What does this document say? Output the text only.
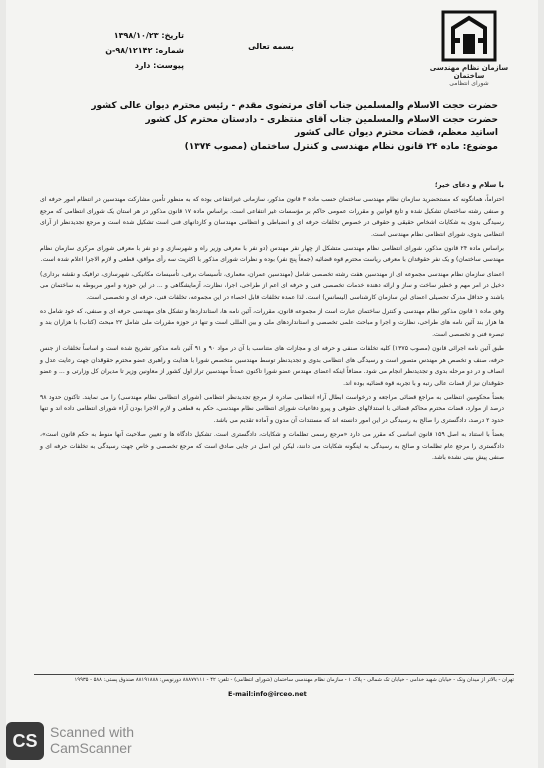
سازمان نظام مهندسی ساختمان
شورای انتظامی
بسمه تعالی
تاریخ: ۱۳۹۸/۱۰/۲۳
شماره: ۹۸/۱۲۱۴۲-ن
پیوست: دارد
حضرت حجت الاسلام والمسلمین جناب آقای مرتضوی مقدم - رئیس محترم دیوان عالی کشور
حضرت حجت الاسلام والمسلمین جناب آقای منتظری - دادستان محترم کل کشور
اساتید معظم، قضات محترم دیوان عالی کشور
موضوع: ماده ۲۴ قانون نظام مهندسی و کنترل ساختمان (مصوب ۱۳۷۴)

با سلام و دعای خیر؛

احتراماً، همانگونه که مستحضرید سازمان نظام مهندسی ساختمان حسب ماده ۳ قانون مذکور، سازمانی غیرانتفاعی بوده که به منظور تأمین مشارکت مهندسین در انتظام امور حرفه ای و صنفی رشته ساختمان تشکیل شده و تابع قوانین و مقررات عمومی حاکم بر مؤسسات غیر انتفاعی است. براساس ماده ۱۷ قانون مذکور در هر استان یک شورای انتظامی که مرجع رسیدگی بدوی به شکایات اشخاص حقیقی و حقوقی در خصوص تخلفات حرفه ای و انضباطی و انتظامی مهندسان و کاردانهای فنی است تشکیل شده است و مرجع تجدیدنظر از آرای انتظامی بدوی، شورای انتظامی نظام مهندسی است.

براساس ماده ۲۴ قانون مذکور، شورای انتظامی نظام مهندسی متشکل از چهار نفر مهندس (دو نفر با معرفی وزیر راه و شهرسازی و دو نفر با معرفی شورای مرکزی سازمان نظام مهندسی ساختمان) و یک نفر حقوقدان با معرفی ریاست محترم قوه قضائیه (جمعاً پنج نفر) بوده و نظرات شورای مذکور با اکثریت سه رأی موافق، قطعی و لازم الاجرا اعلام شده است.

اعضای سازمان نظام مهندسی مجموعه ای از مهندسین هفت رشته تخصصی شامل (مهندسین عمران، معماری، تأسیسات برقی، تأسیسات مکانیکی، شهرسازی، ترافیک و نقشه برداری) دخیل در امر مهم و خطیر ساخت و ساز و ارائه دهنده خدمات تخصصی فنی و حرفه ای اعم از طراحی، اجرا، نظارت، آزمایشگاهی و ... در این حوزه و امور مربوطه به ساختمان می باشند و حداقل مدرک تحصیلی اعضای این سازمان کارشناسی (لیسانس) است. لذا عمده تخلفات قابل احصاء در این مجموعه، تخلفات فنی، حرفه ای و تخصصی است.

وفق ماده ۱ قانون مذکور نظام مهندسی و کنترل ساختمان عبارت است از مجموعه قانون، مقررات، آئین نامه ها، استانداردها و تشکل های مهندسی حرفه ای و صنفی، که خود شامل ده ها هزار بند آئین نامه های طراحی، نظارت و اجرا و مباحث علمی تخصصی و استانداردهای ملی و بین المللی است و تنها در حوزه مقررات ملی شامل ۲۲ مبحث (کتاب) با هزاران بند و تبصره فنی و تخصصی است.

طبق آئین نامه اجرائی قانون (مصوب ۱۳۷۵) کلیه تخلفات صنفی و حرفه ای و مجازات های متناسب با آن در مواد ۹۰ و ۹۱ آئین نامه مذکور تشریح شده است و اساساً تخلفات از جنس حرفه، صنف و تخصص هر مهندس متصور است و رسیدگی های انتظامی بدوی و تجدیدنظر توسط مهندسین متخصص شورا با هدایت و راهبری عضو محترم حقوقدان جهت رعایت عدل و انصاف و در دو مرحله بدوی و تجدیدنظر انجام می شود. مضافاً اینکه اعضای مهندس عضو شورا تاکنون عمدتاً مهندسین تراز اول کشور از معاونین وزیر تا مدیران کل وزارتی و ... و عضو حقوقدان نیز از قضات عالی رتبه و با تجربه قوه قضائیه بوده اند.

بعضاً محکومین انتظامی به مراجع قضائی مراجعه و درخواست ابطال آراء انتظامی صادره از مرجع تجدیدنظر انتظامی (شورای انتظامی نظام مهندسی) را می نمایند. تاکنون حدود ۹۸ درصد از موارد، قضات محترم محاکم قضائی با استدلالهای حقوقی و پیرو دفاعیات شورای انتظامی نظام مهندسی، حکم به قطعی و لازم الاجرا بودن آراء شورای انتظامی داده اند و تنها حدود ۲ درصد، دادگستری را صالح به رسیدگی در این امور دانسته اند که مستندات آن مدون و آماده تقدیم می باشد.

بعضاً با استناد به اصل ۱۵۹ قانون اساسی که مقرر می دارد «مرجع رسمی تظلمات و شکایات، دادگستری است. تشکیل دادگاه ها و تعیین صلاحیت آنها منوط به حکم قانون است»، دادگستری را مرجع عام تظلمات و صالح به رسیدگی به اینگونه شکایات می دانند، لیکن این اصل در جایی صادق است که مرجع تخصصی و خاص جهت رسیدگی به تخلفات حرفه ای و صنفی پیش بینی نشده باشد.

تهران - بالاتر از میدان ونک - خیابان شهید خدامی - خیابان تک شمالی - پلاک ۱ - سازمان نظام مهندسی ساختمان (شورای انتظامی) - تلفن: ۴۲ - ۸۸۸۷۷۱۱۱ دورنویس: ۸۸۱۹۱۸۸۸ صندوق پستی: ۵۸۸ - ۱۹۹۳۵
E-mail:info@irceo.net
CS Scanned with
CamScanner
